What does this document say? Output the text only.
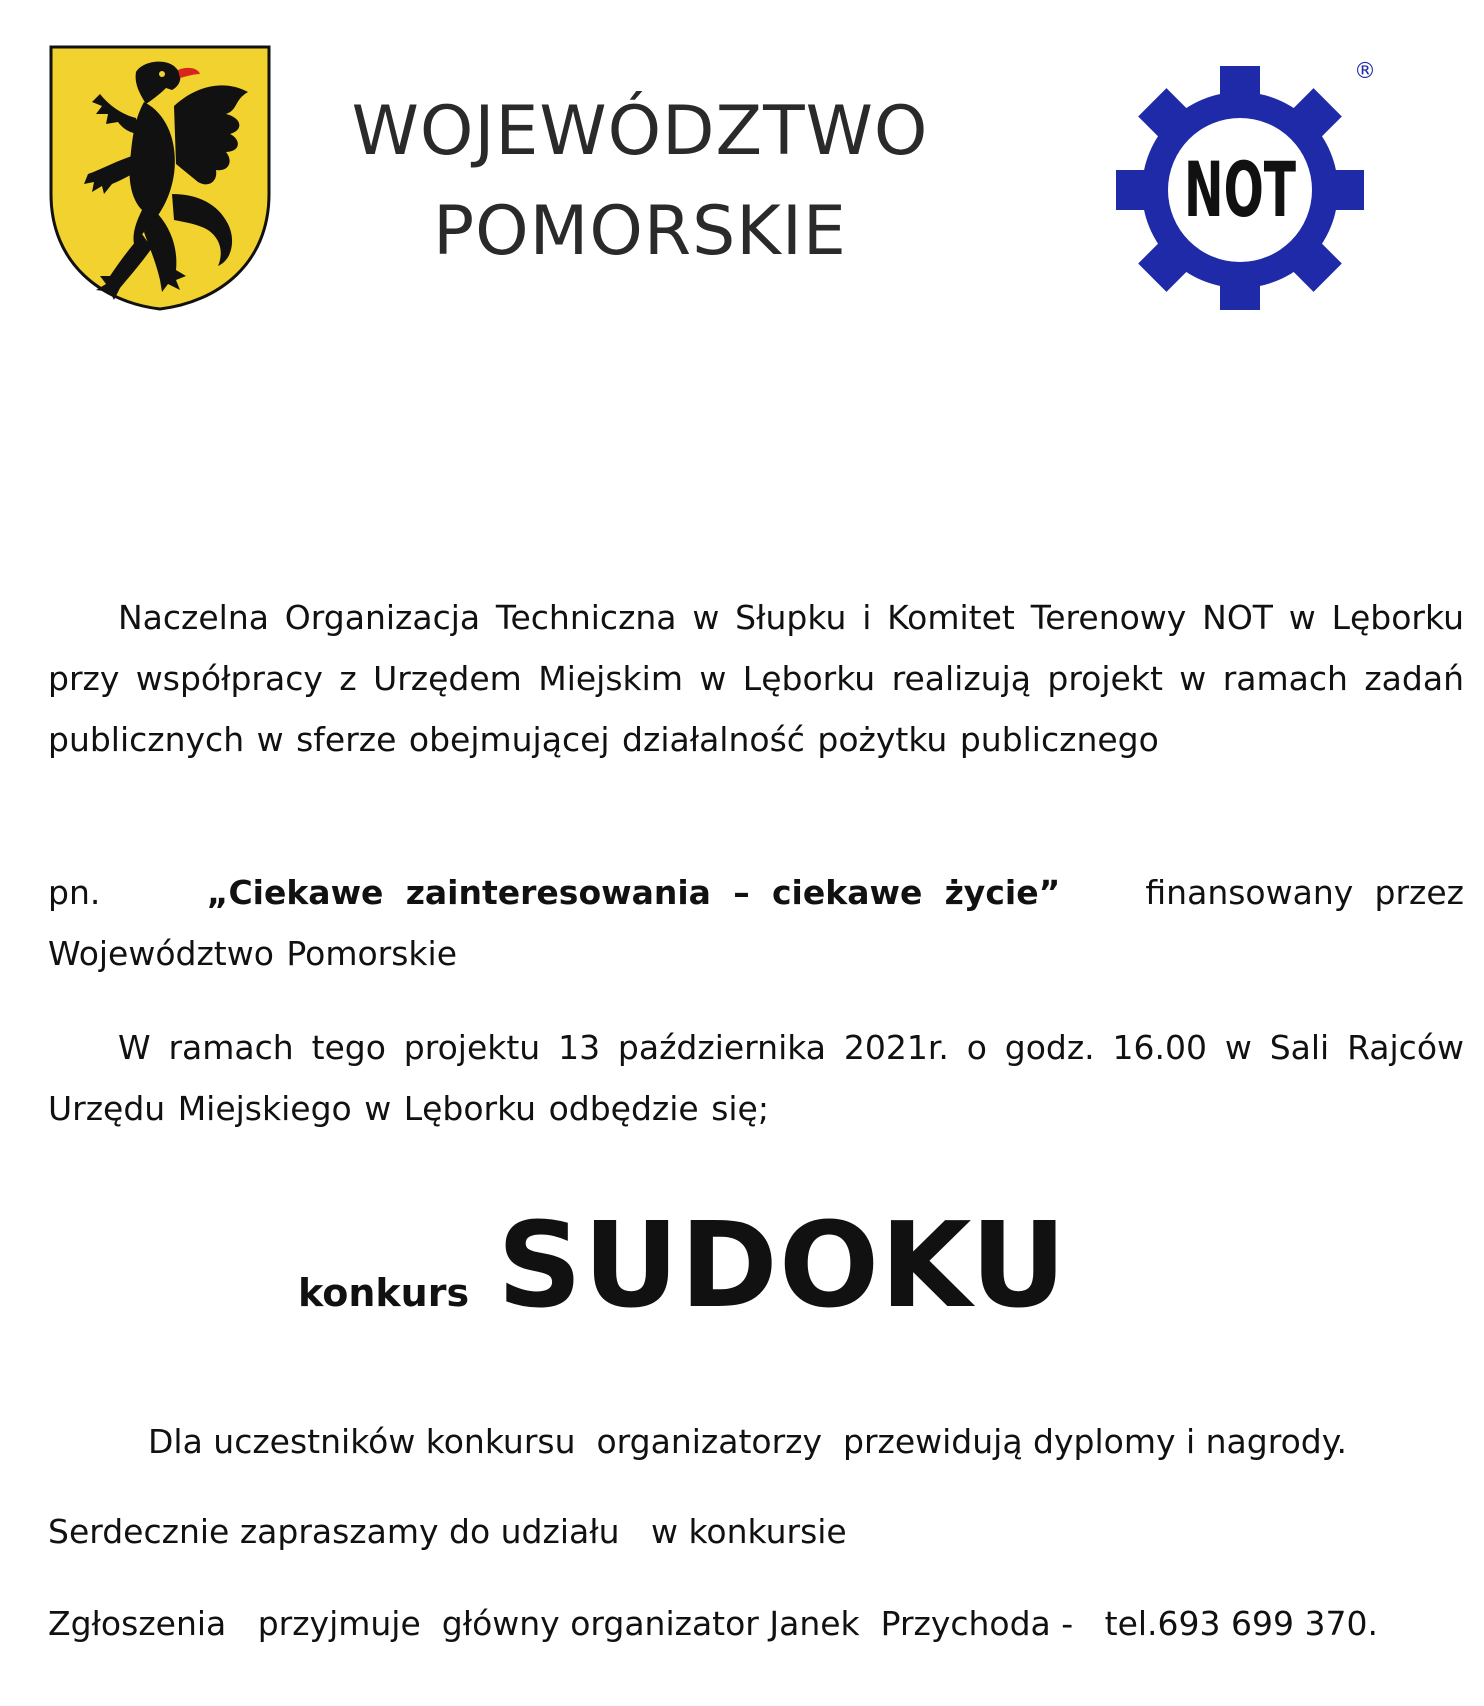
WOJEWÓDZTWO
POMORSKIE	NOT
®
Naczelna Organizacja Techniczna w Słupku i Komitet Terenowy NOT w Lęborku przy współpracy z Urzędem Miejskim w Lęborku realizują projekt w ramach zadań publicznych w sferze obejmującej działalność pożytku publicznego
pn.	„Ciekawe zainteresowania – ciekawe życie”	finansowany przez Województwo Pomorskie
W ramach tego projektu 13 października 2021r. o godz. 16.00 w Sali Rajców Urzędu Miejskiego w Lęborku odbędzie się;
konkurs SUDOKU
Dla uczestników konkursu  organizatorzy  przewidują dyplomy i nagrody.
Serdecznie zapraszamy do udziału   w konkursie
Zgłoszenia   przyjmuje  główny organizator Janek  Przychoda -   tel.693 699 370.
